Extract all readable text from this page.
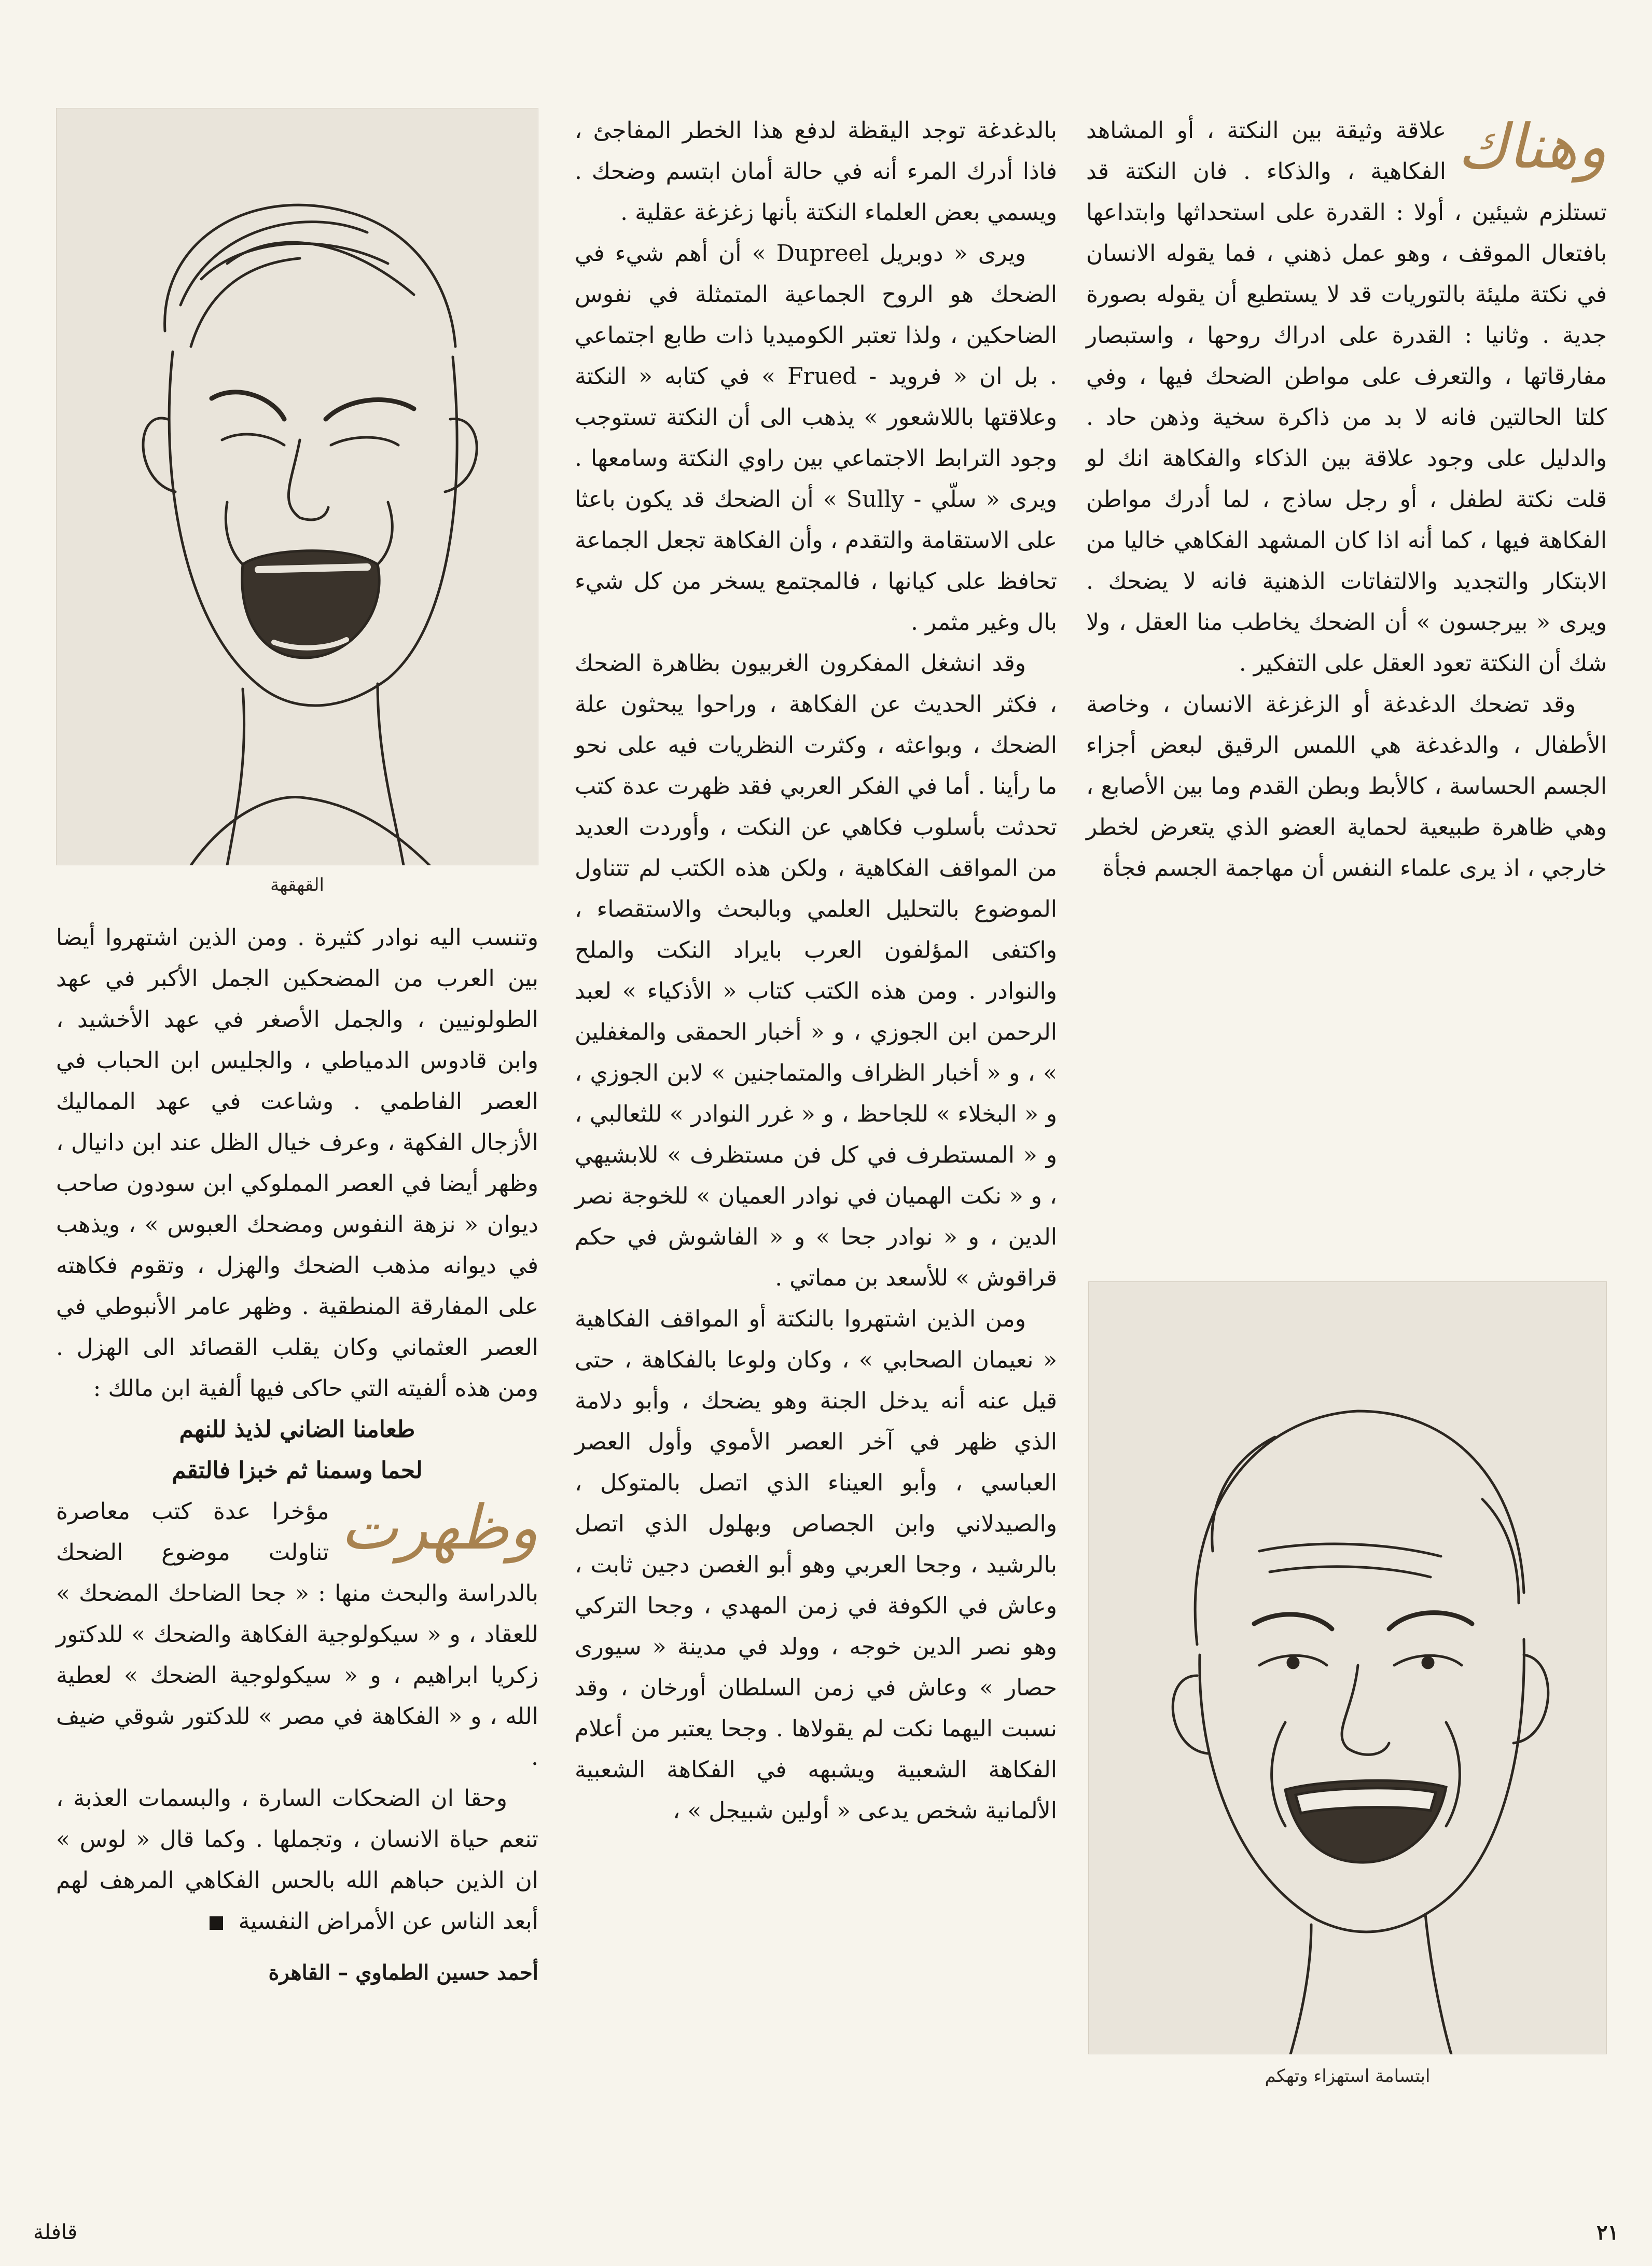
القهقهة
ابتسامة استهزاء وتهكم

وهناك
علاقة وثيقة بين النكتة ، أو المشاهد الفكاهية ، والذكاء . فان النكتة قد تستلزم شيئين ، أولا : القدرة على استحداثها وابتداعها بافتعال الموقف ، وهو عمل ذهني ، فما يقوله الانسان في نكتة مليئة بالتوريات قد لا يستطيع أن يقوله بصورة جدية . وثانيا : القدرة على ادراك روحها ، واستبصار مفارقاتها ، والتعرف على مواطن الضحك فيها ، وفي كلتا الحالتين فانه لا بد من ذاكرة سخية وذهن حاد . والدليل على وجود علاقة بين الذكاء والفكاهة انك لو قلت نكتة لطفل ، أو رجل ساذج ، لما أدرك مواطن الفكاهة فيها ، كما أنه اذا كان المشهد الفكاهي خاليا من الابتكار والتجديد والالتفاتات الذهنية فانه لا يضحك . ويرى « بيرجسون » أن الضحك يخاطب منا العقل ، ولا شك أن النكتة تعود العقل على التفكير .

وقد تضحك الدغدغة أو الزغزغة الانسان ، وخاصة الأطفال ، والدغدغة هي اللمس الرقيق لبعض أجزاء الجسم الحساسة ، كالأبط وبطن القدم وما بين الأصابع ، وهي ظاهرة طبيعية لحماية العضو الذي يتعرض لخطر خارجي ، اذ يرى علماء النفس أن مهاجمة الجسم فجأة

بالدغدغة توجد اليقظة لدفع هذا الخطر المفاجئ ، فاذا أدرك المرء أنه في حالة أمان ابتسم وضحك . ويسمي بعض العلماء النكتة بأنها زغزغة عقلية .

ويرى « دوبريل Dupreel » أن أهم شيء في الضحك هو الروح الجماعية المتمثلة في نفوس الضاحكين ، ولذا تعتبر الكوميديا ذات طابع اجتماعي . بل ان « فرويد - Frued » في كتابه « النكتة وعلاقتها باللاشعور » يذهب الى أن النكتة تستوجب وجود الترابط الاجتماعي بين راوي النكتة وسامعها . ويرى « سلّي - Sully » أن الضحك قد يكون باعثا على الاستقامة والتقدم ، وأن الفكاهة تجعل الجماعة تحافظ على كيانها ، فالمجتمع يسخر من كل شيء بال وغير مثمر .

وقد انشغل المفكرون الغربيون بظاهرة الضحك ، فكثر الحديث عن الفكاهة ، وراحوا يبحثون علة الضحك ، وبواعثه ، وكثرت النظريات فيه على نحو ما رأينا . أما في الفكر العربي فقد ظهرت عدة كتب تحدثت بأسلوب فكاهي عن النكت ، وأوردت العديد من المواقف الفكاهية ، ولكن هذه الكتب لم تتناول الموضوع بالتحليل العلمي وبالبحث والاستقصاء ، واكتفى المؤلفون العرب بايراد النكت والملح والنوادر . ومن هذه الكتب كتاب « الأذكياء » لعبد الرحمن ابن الجوزي ، و « أخبار الحمقى والمغفلين » ، و « أخبار الظراف والمتماجنين » لابن الجوزي ، و « البخلاء » للجاحظ ، و « غرر النوادر » للثعالبي ، و « المستطرف في كل فن مستظرف » للابشيهي ، و « نكت الهميان في نوادر العميان » للخوجة نصر الدين ، و « نوادر جحا » و « الفاشوش في حكم قراقوش » للأسعد بن مماتي .

ومن الذين اشتهروا بالنكتة أو المواقف الفكاهية « نعيمان الصحابي » ، وكان ولوعا بالفكاهة ، حتى قيل عنه أنه يدخل الجنة وهو يضحك ، وأبو دلامة الذي ظهر في آخر العصر الأموي وأول العصر العباسي ، وأبو العيناء الذي اتصل بالمتوكل ، والصيدلاني وابن الجصاص وبهلول الذي اتصل بالرشيد ، وجحا العربي وهو أبو الغصن دجين ثابت ، وعاش في الكوفة في زمن المهدي ، وجحا التركي وهو نصر الدين خوجه ، وولد في مدينة « سيورى حصار » وعاش في زمن السلطان أورخان ، وقد نسبت اليهما نكت لم يقولاها . وجحا يعتبر من أعلام الفكاهة الشعبية ويشبهه في الفكاهة الشعبية الألمانية شخص يدعى « أولين شبيجل » ،

وتنسب اليه نوادر كثيرة . ومن الذين اشتهروا أيضا بين العرب من المضحكين الجمل الأكبر في عهد الطولونيين ، والجمل الأصغر في عهد الأخشيد ، وابن قادوس الدمياطي ، والجليس ابن الحباب في العصر الفاطمي . وشاعت في عهد المماليك الأزجال الفكهة ، وعرف خيال الظل عند ابن دانيال ، وظهر أيضا في العصر المملوكي ابن سودون صاحب ديوان « نزهة النفوس ومضحك العبوس » ، ويذهب في ديوانه مذهب الضحك والهزل ، وتقوم فكاهته على المفارقة المنطقية . وظهر عامر الأنبوطي في العصر العثماني وكان يقلب القصائد الى الهزل . ومن هذه ألفيته التي حاكى فيها ألفية ابن مالك :

طعامنا الضاني لذيذ للنهم

لحما وسمنا ثم خبزا فالتقم

وظهرت
مؤخرا عدة كتب معاصرة تناولت موضوع الضحك بالدراسة والبحث منها : « جحا الضاحك المضحك » للعقاد ، و « سيكولوجية الفكاهة والضحك » للدكتور زكريا ابراهيم ، و « سيكولوجية الضحك » لعطية الله ، و « الفكاهة في مصر » للدكتور شوقي ضيف .

وحقا ان الضحكات السارة ، والبسمات العذبة ، تنعم حياة الانسان ، وتجملها . وكما قال « لوس » ان الذين حباهم الله بالحس الفكاهي المرهف لهم أبعد الناس عن الأمراض النفسية

أحمد حسين الطماوي – القاهرة

٢١
قافلة
